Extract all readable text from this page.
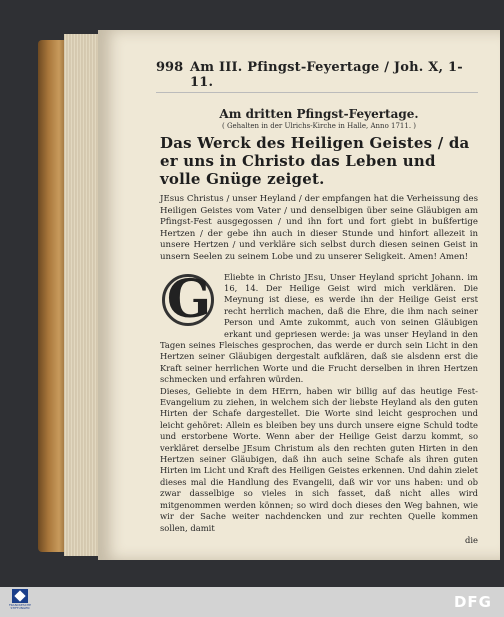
998 Am III. Pfingst-Feyertage / Joh. X, 1-11.
Am dritten Pfingst-Feyertage.
( Gehalten in der Ulrichs-Kirche in Halle, Anno 1711. )
Das Werck des Heiligen Geistes / da er uns in Christo das Leben und volle Gnüge zeiget.
JEsus Christus / unser Heyland / der empfangen hat die Verheissung des Heiligen Geistes vom Vater / und denselbigen über seine Gläubigen am Pfingst-Fest ausgegossen / und ihn fort und fort giebt in bußfertige Hertzen / der gebe ihn auch in dieser Stunde und hinfort allezeit in unsere Hertzen / und verkläre sich selbst durch diesen seinen Geist in unsern Seelen zu seinem Lobe und zu unserer Seligkeit. Amen! Amen!
G	Eliebte in Christo JEsu, Unser Heyland spricht Johann. im 16, 14. Der Heilige Geist wird mich verklären. Die Meynung ist diese, es werde ihn der Heilige Geist erst recht herrlich machen, daß die Ehre, die ihm nach seiner Person und Amte zukommt, auch von seinen Gläubigen erkant und gepriesen werde: ja was unser Heyland in den Tagen seines Fleisches gesprochen, das werde er durch sein Licht in den Hertzen seiner Gläubigen dergestalt aufklären, daß sie alsdenn erst die Kraft seiner herrlichen Worte und die Frucht derselben in ihren Hertzen schmecken und erfahren würden.
Dieses, Geliebte in dem HErrn, haben wir billig auf das heutige Fest-Evangelium zu ziehen, in welchem sich der liebste Heyland als den guten Hirten der Schafe dargestellet. Die Worte sind leicht gesprochen und leicht gehöret: Allein es bleiben bey uns durch unsere eigne Schuld todte und erstorbene Worte. Wenn aber der Heilige Geist darzu kommt, so verkläret derselbe JEsum Christum als den rechten guten Hirten in den Hertzen seiner Gläubigen, daß ihn auch seine Schafe als ihren guten Hirten im Licht und Kraft des Heiligen Geistes erkennen. Und dahin zielet dieses mal die Handlung des Evangelii, daß wir vor uns haben: und ob zwar dasselbige so vieles in sich fasset, daß nicht alles wird mitgenommen werden können; so wird doch dieses den Weg bahnen, wie wir der Sache weiter nachdencken und zur rechten Quelle kommen sollen, damit
die
FRANCKESCHE STIFTUNGEN	DFG
